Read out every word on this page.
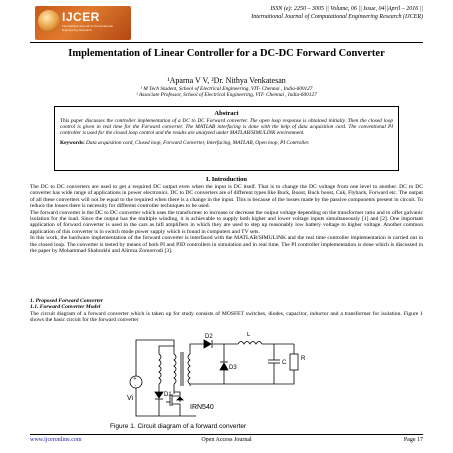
IJCER
International Journal of Computational Engineering Research
ISSN (e): 2250 – 3005 || Volume, 06 || Issue, 04||April – 2016 ||
International Journal of Computational Engineering Research (IJCER)
Implementation of Linear Controller for a DC-DC Forward Converter
¹Aparna V V, ²Dr. Nithya Venkatesan
¹ M Tech Student, School of Electrical Engineering, VIT- Chennai , India-600127
² Associate Professor, School of Electrical Engineering, VIT- Chennai , India-600127
Abstract
This paper discusses the controller implementation of a DC to DC Forward converter. The open loop response is obtained initially. Then the closed loop control is given in real time for the Forward converter. The MATLAB interfacing is done with the help of data acquisition card. The conventional PI controller is used for the closed loop control and the results are analyzed under MATLAB/SIMULINK environment.
Keywords: Data acquisition card, Closed loop, Forward Converter, Interfacing, MATLAB, Open loop, PI Controller.
I. Introduction

The DC to DC converters are used to get a required DC output even when the input is DC itself. That is to change the DC voltage from one level to another. DC to DC converter has wide range of applications in power electronics. DC to DC converters are of different types like Buck, Boost, Buck boost, Cuk, Flyback, Forward etc. The output of all these converters will not be equal to the required when there is a change in the input. This is because of the losses made by the passive components present in circuit. To reduce the losses there is necessity for different controller techniques to be used.

The forward converter is the DC to DC converter which uses the transformer to increase or decrease the output voltage depending on the transformer ratio and to offer galvanic isolation for the load. Since the output has the multiple winding, it is achievable to supply both higher and lower voltage inputs simultaneously [1] and [2]. One important application of forward converter is used in the cars as hifi amplifiers in which they are used to step up reasonably low battery voltage to higher voltage. Another common application of this converter is in switch mode power supply which is found in computers and TV sets.

In this work, the hardware implementation of the forward converter is interfaced with the MATLAB/SIMULINK and the real time controller implementation is carried out in the closed loop. The converter is tested by means of both PI and PID controllers in simulation and in real time. The PI controller implementation is done which is discussed in the paper by Mohammad Shahrokhi and Alireza Zomorrodi [3].

1. Proposed Forward Converter
1.1. Forward Converter Model
The circuit diagram of a forward converter which is taken up for study consists of MOSFET switches, diodes, capacitor, inductor and a transformer for isolation. Figure 1 shows the basic circuit for the forward converter
+
-
Vi	D1
IRN540
D2
D3
L
C
R
Figure 1. Circuit diagram of a forward converter
www.ijceronline.com	Open Access Journal	Page 17
